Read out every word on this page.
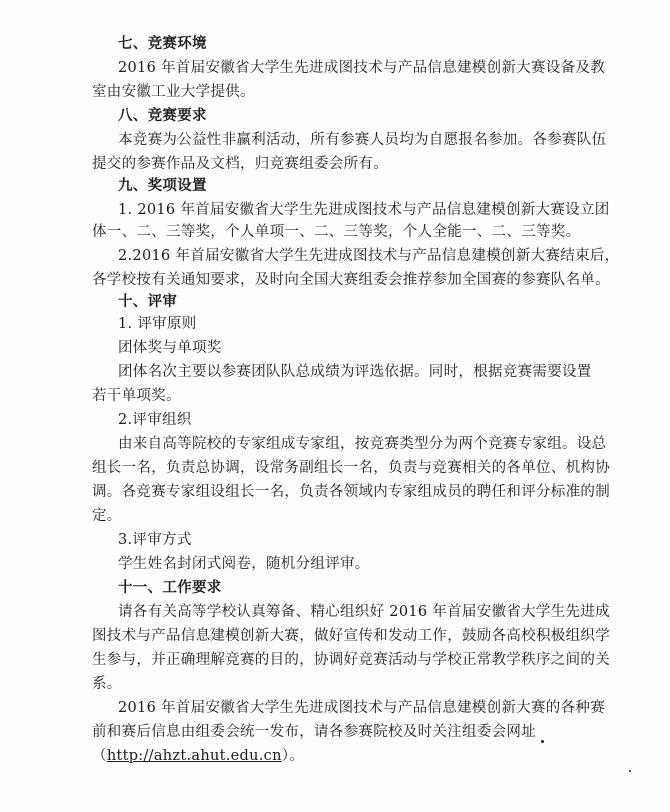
七、竞赛环境
2016 年首届安徽省大学生先进成图技术与产品信息建模创新大赛设备及教
室由安徽工业大学提供。
八、竞赛要求
本竞赛为公益性非赢利活动，所有参赛人员均为自愿报名参加。各参赛队伍
提交的参赛作品及文档，归竞赛组委会所有。
九、奖项设置
1. 2016 年首届安徽省大学生先进成图技术与产品信息建模创新大赛设立团
体一、二、三等奖，个人单项一、二、三等奖，个人全能一、二、三等奖。
2.2016 年首届安徽省大学生先进成图技术与产品信息建模创新大赛结束后，
各学校按有关通知要求，及时向全国大赛组委会推荐参加全国赛的参赛队名单。
十、评审
1. 评审原则
团体奖与单项奖
团体名次主要以参赛团队队总成绩为评选依据。同时，根据竞赛需要设置
若干单项奖。
2.评审组织
由来自高等院校的专家组成专家组，按竞赛类型分为两个竞赛专家组。设总
组长一名，负责总协调，设常务副组长一名，负责与竞赛相关的各单位、机构协
调。各竞赛专家组设组长一名，负责各领域内专家组成员的聘任和评分标准的制
定。
3.评审方式
学生姓名封闭式阅卷，随机分组评审。
十一、工作要求
请各有关高等学校认真筹备、精心组织好 2016 年首届安徽省大学生先进成
图技术与产品信息建模创新大赛，做好宣传和发动工作，鼓励各高校积极组织学
生参与，并正确理解竞赛的目的，协调好竞赛活动与学校正常教学秩序之间的关
系。
2016 年首届安徽省大学生先进成图技术与产品信息建模创新大赛的各种赛
前和赛后信息由组委会统一发布，请各参赛院校及时关注组委会网址
（http://ahzt.ahut.edu.cn）。
